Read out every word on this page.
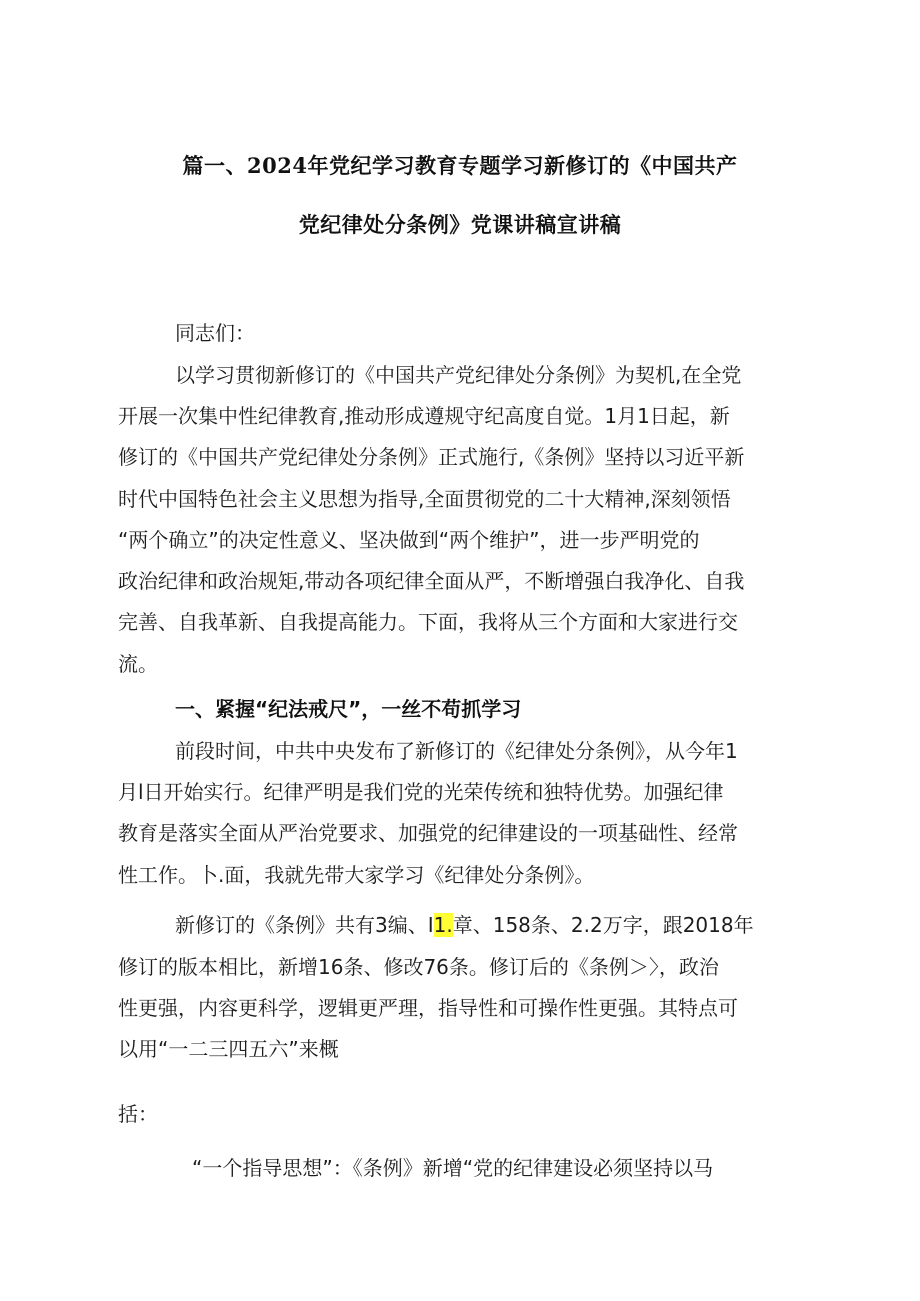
篇一、2024年党纪学习教育专题学习新修订的《中国共产
党纪律处分条例》党课讲稿宣讲稿
同志们：
以学习贯彻新修订的《中国共产党纪律处分条例》为契机,在全党
开展一次集中性纪律教育,推动形成遵规守纪高度自觉。1月1日起，新
修订的《中国共产党纪律处分条例》正式施行,《条例》坚持以习近平新
时代中国特色社会主义思想为指导,全面贯彻党的二十大精神,深刻领悟
“两个确立”的决定性意义、坚决做到“两个维护”，进一步严明党的
政治纪律和政治规矩,带动各项纪律全面从严，不断增强白我净化、自我
完善、自我革新、自我提高能力。下面，我将从三个方面和大家进行交
流。
一、紧握“纪法戒尺”，一丝不苟抓学习
前段时间，中共中央发布了新修订的《纪律处分条例》，从今年1
月l日开始实行。纪律严明是我们党的光荣传统和独特优势。加强纪律
教育是落实全面从严治党要求、加强党的纪律建设的一项基础性、经常
性工作。卜.面，我就先带大家学习《纪律处分条例》。
新修订的《条例》共有3编、I1.章、158条、2.2万字，跟2018年
修订的版本相比，新增16条、修改76条。修订后的《条例＞〉，政治
性更强，内容更科学，逻辑更严理，指导性和可操作性更强。其特点可
以用“一二三四五六”来概
括：
“一个指导思想”：《条例》新增“党的纪律建设必须坚持以马
